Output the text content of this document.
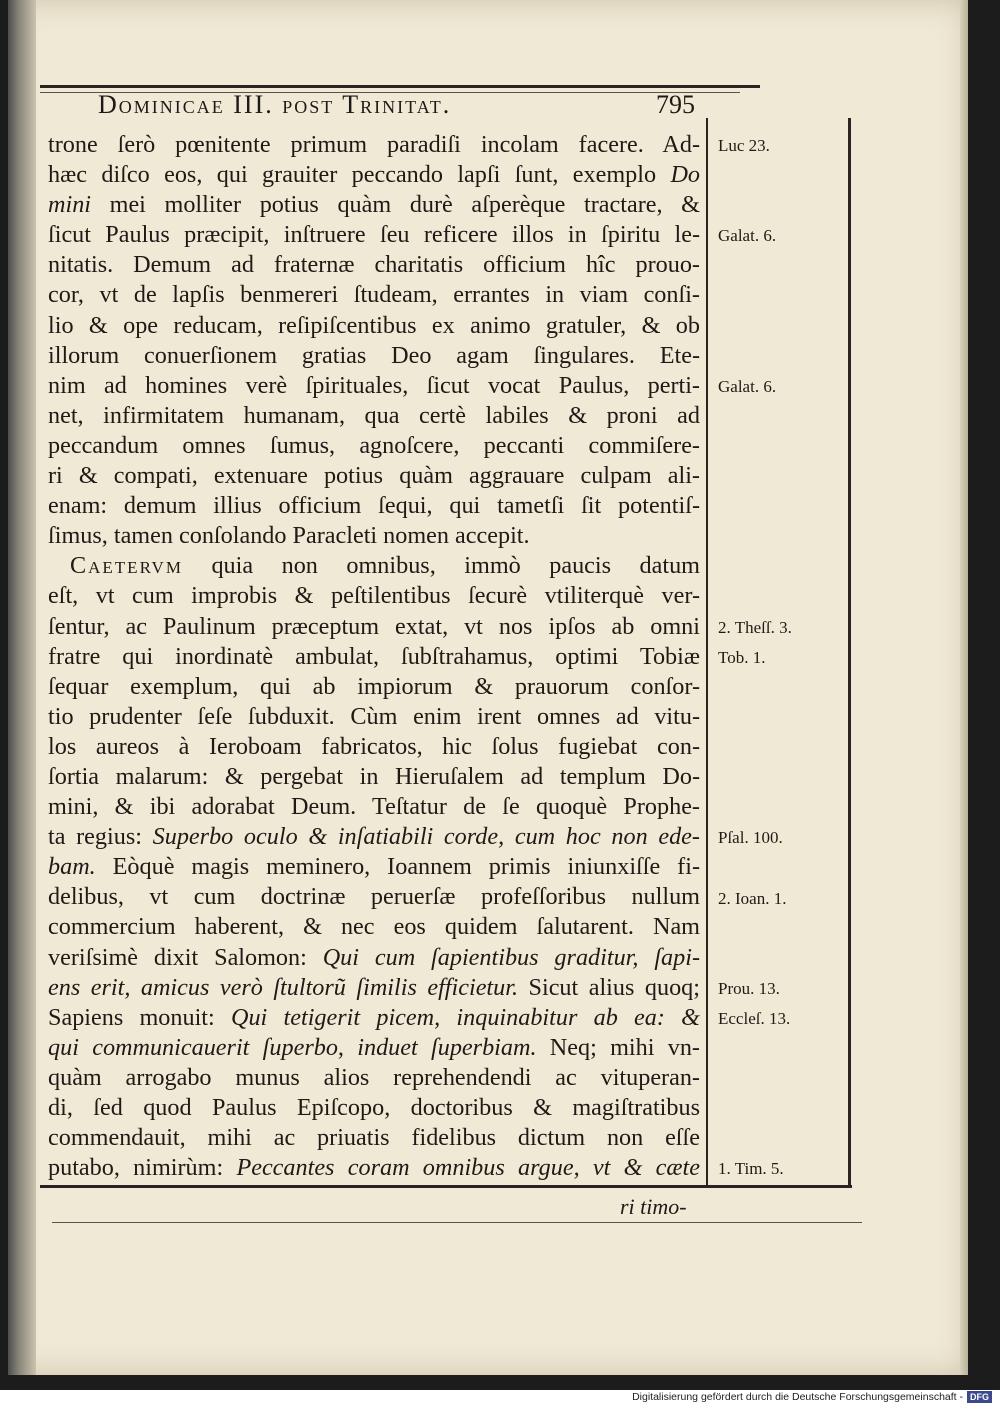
Dominicae III. post Trinitat.	795
trone ſerò pœnitente primum paradiſi incolam facere. Ad-
hæc diſco eos, qui grauiter peccando lapſi ſunt, exemplo Do
mini mei molliter potius quàm durè aſperèque tractare, &
ſicut Paulus præcipit, inſtruere ſeu reficere illos in ſpiritu le-
nitatis. Demum ad fraternæ charitatis officium hîc prouo-
cor, vt de lapſis benmereri ſtudeam, errantes in viam conſi-
lio & ope reducam, reſipiſcentibus ex animo gratuler, & ob
illorum conuerſionem gratias Deo agam ſingulares. Ete-
nim ad homines verè ſpirituales, ſicut vocat Paulus, perti-
net, infirmitatem humanam, qua certè labiles & proni ad
peccandum omnes ſumus, agnoſcere, peccanti commiſere-
ri & compati, extenuare potius quàm aggrauare culpam ali-
enam: demum illius officium ſequi, qui tametſi ſit potentiſ-
ſimus, tamen conſolando Paracleti nomen accepit.
Caetervm quia non omnibus, immò paucis datum
eſt, vt cum improbis & peſtilentibus ſecurè vtiliterquè ver-
ſentur, ac Paulinum præceptum extat, vt nos ipſos ab omni
fratre qui inordinatè ambulat, ſubſtrahamus, optimi Tobiæ
ſequar exemplum, qui ab impiorum & prauorum conſor-
tio prudenter ſeſe ſubduxit. Cùm enim irent omnes ad vitu-
los aureos à Ieroboam fabricatos, hic ſolus fugiebat con-
ſortia malarum: & pergebat in Hieruſalem ad templum Do-
mini, & ibi adorabat Deum. Teſtatur de ſe quoquè Prophe-
ta regius: Superbo oculo & inſatiabili corde, cum hoc non ede-
bam. Eòquè magis meminero, Ioannem primis iniunxiſſe fi-
delibus, vt cum doctrinæ peruerſæ profeſſoribus nullum
commercium haberent, & nec eos quidem ſalutarent. Nam
veriſsimè dixit Salomon: Qui cum ſapientibus graditur, ſapi-
ens erit, amicus verò ſtultorũ ſimilis efficietur. Sicut alius quoq;
Sapiens monuit: Qui tetigerit picem, inquinabitur ab ea: &
qui communicauerit ſuperbo, induet ſuperbiam. Neq; mihi vn-
quàm arrogabo munus alios reprehendendi ac vituperan-
di, ſed quod Paulus Epiſcopo, doctoribus & magiſtratibus
commendauit, mihi ac priuatis fidelibus dictum non eſſe
putabo, nimirùm: Peccantes coram omnibus argue, vt & cæte
Luc 23.
Galat. 6.
Galat. 6.
2. Theſſ. 3.
Tob. 1.
Pſal. 100.
2. Ioan. 1.
Prou. 13.
Eccleſ. 13.
1. Tim. 5.
ri timo-
Digitalisierung gefördert durch die Deutsche Forschungsgemeinschaft - DFG
